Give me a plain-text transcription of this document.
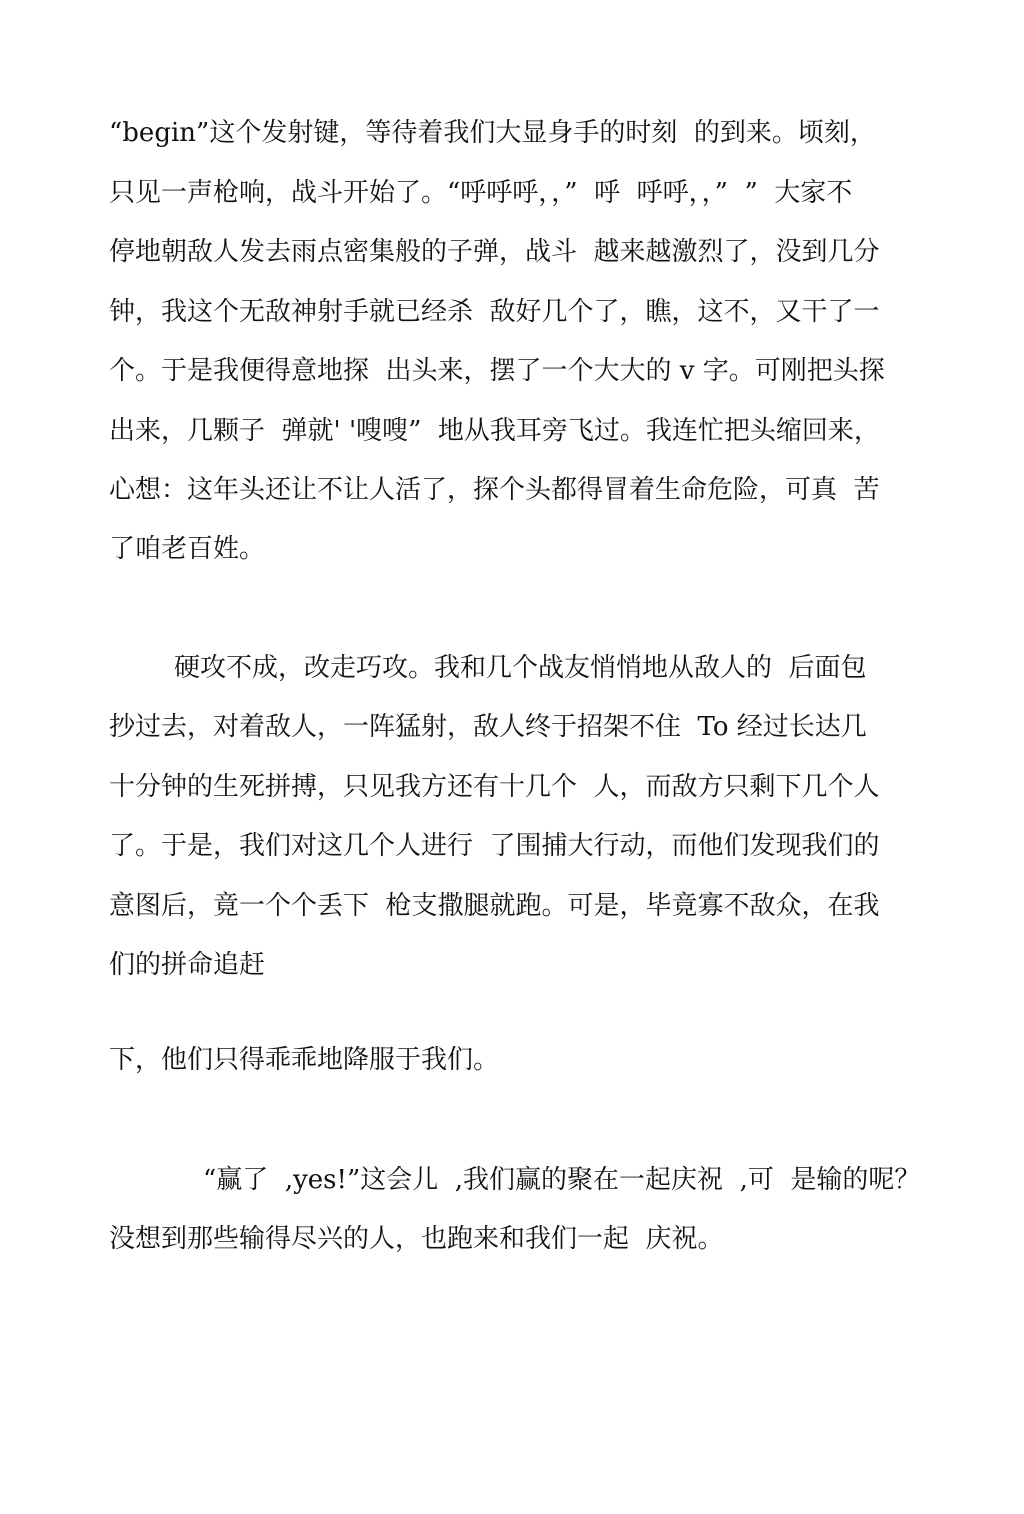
“begin”这个发射键，等待着我们大显身手的时刻  的到来。顷刻，

只见一声枪响，战斗开始了。“呼呼呼，，”  呼  呼呼，，”  ”  大家不

停地朝敌人发去雨点密集般的子弹，战斗  越来越激烈了，没到几分

钟，我这个无敌神射手就已经杀  敌好几个了，瞧，这不，又干了一

个。于是我便得意地探  出头来，摆了一个大大的 v 字。可刚把头探

出来，几颗子  弹就' '嗖嗖”  地从我耳旁飞过。我连忙把头缩回来，

心想：这年头还让不让人活了，探个头都得冒着生命危险，可真  苦

了咱老百姓。

硬攻不成，改走巧攻。我和几个战友悄悄地从敌人的  后面包

抄过去，对着敌人，一阵猛射，敌人终于招架不住  To 经过长达几

十分钟的生死拼搏，只见我方还有十几个  人，而敌方只剩下几个人

了。于是，我们对这几个人进行  了围捕大行动，而他们发现我们的

意图后，竟一个个丢下  枪支撒腿就跑。可是，毕竟寡不敌众，在我

们的拼命追赶

下，他们只得乖乖地降服于我们。

“赢了  ,yes!”这会儿  ,我们赢的聚在一起庆祝  ,可  是输的呢？

没想到那些输得尽兴的人，也跑来和我们一起  庆祝。
